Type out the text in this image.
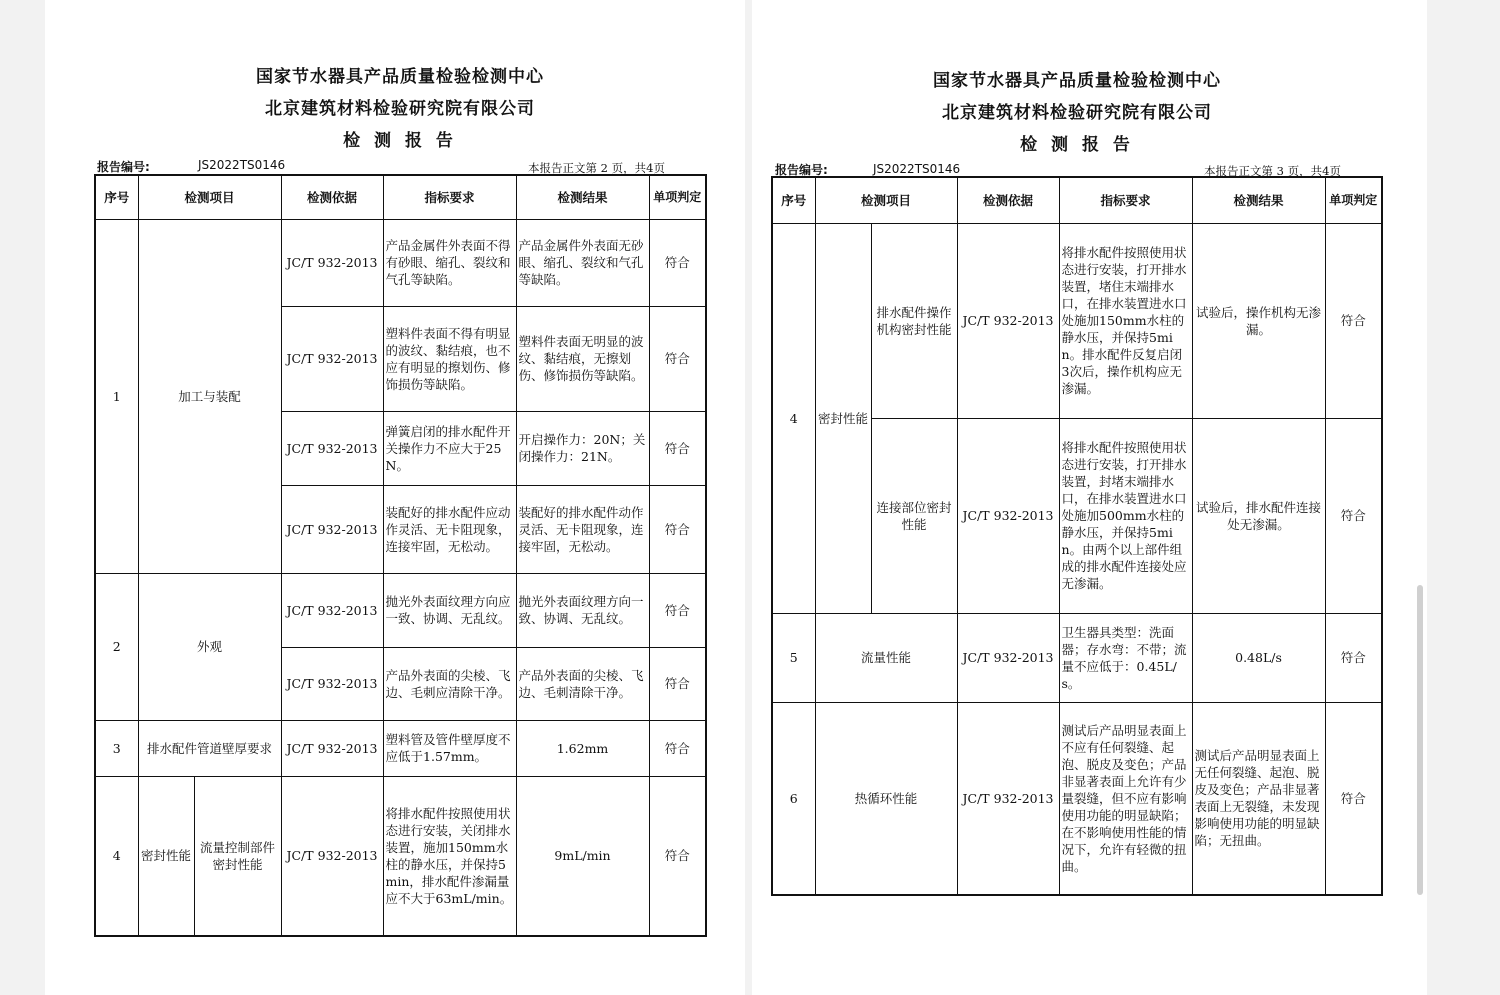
国家节水器具产品质量检验检测中心
北京建筑材料检验研究院有限公司
检 测 报 告
报告编号:	JS2022TS0146	本报告正文第 2 页，共4页
序号	检测项目		检测依据	指标要求	检测结果	单项判定
1	加工与装配		JC/T 932-2013	产品金属件外表面不得有砂眼、缩孔、裂纹和气孔等缺陷。	产品金属件外表面无砂眼、缩孔、裂纹和气孔等缺陷。	符合
			JC/T 932-2013	塑料件表面不得有明显的波纹、黏结痕，也不应有明显的擦划伤、修饰损伤等缺陷。	塑料件表面无明显的波纹、黏结痕，无擦划伤、修饰损伤等缺陷。	符合
			JC/T 932-2013	弹簧启闭的排水配件开关操作力不应大于25N。	开启操作力：20N；关闭操作力：21N。	符合
			JC/T 932-2013	装配好的排水配件应动作灵活、无卡阻现象，连接牢固，无松动。	装配好的排水配件动作灵活、无卡阻现象，连接牢固，无松动。	符合
2	外观		JC/T 932-2013	抛光外表面纹理方向应一致、协调、无乱纹。	抛光外表面纹理方向一致、协调、无乱纹。	符合
			JC/T 932-2013	产品外表面的尖棱、飞边、毛刺应清除干净。	产品外表面的尖棱、飞边、毛刺清除干净。	符合
3	排水配件管道壁厚要求		JC/T 932-2013	塑料管及管件壁厚度不应低于1.57mm。	1.62mm	符合
4	密封性能	流量控制部件密封性能	JC/T 932-2013	将排水配件按照使用状态进行安装，关闭排水装置，施加150mm水柱的静水压，并保持5min，排水配件渗漏量应不大于63mL/min。	9mL/min	符合
国家节水器具产品质量检验检测中心
北京建筑材料检验研究院有限公司
检 测 报 告
报告编号:	JS2022TS0146	本报告正文第 3 页，共4页
序号	检测项目		检测依据	指标要求	检测结果	单项判定
4	密封性能	排水配件操作机构密封性能	JC/T 932-2013	将排水配件按照使用状态进行安装，打开排水装置，堵住末端排水口，在排水装置进水口处施加150mm水柱的静水压，并保持5min。排水配件反复启闭3次后，操作机构应无渗漏。	试验后，操作机构无渗漏。	符合
		连接部位密封性能	JC/T 932-2013	将排水配件按照使用状态进行安装，打开排水装置，封堵末端排水口，在排水装置进水口处施加500mm水柱的静水压，并保持5min。由两个以上部件组成的排水配件连接处应无渗漏。	试验后，排水配件连接处无渗漏。	符合
5	流量性能		JC/T 932-2013	卫生器具类型：洗面器；存水弯：不带；流量不应低于：0.45L/s。	0.48L/s	符合
6	热循环性能		JC/T 932-2013	测试后产品明显表面上不应有任何裂缝、起泡、脱皮及变色；产品非显著表面上允许有少量裂缝，但不应有影响使用功能的明显缺陷；在不影响使用性能的情况下，允许有轻微的扭曲。	测试后产品明显表面上无任何裂缝、起泡、脱皮及变色；产品非显著表面上无裂缝，未发现影响使用功能的明显缺陷；无扭曲。	符合
